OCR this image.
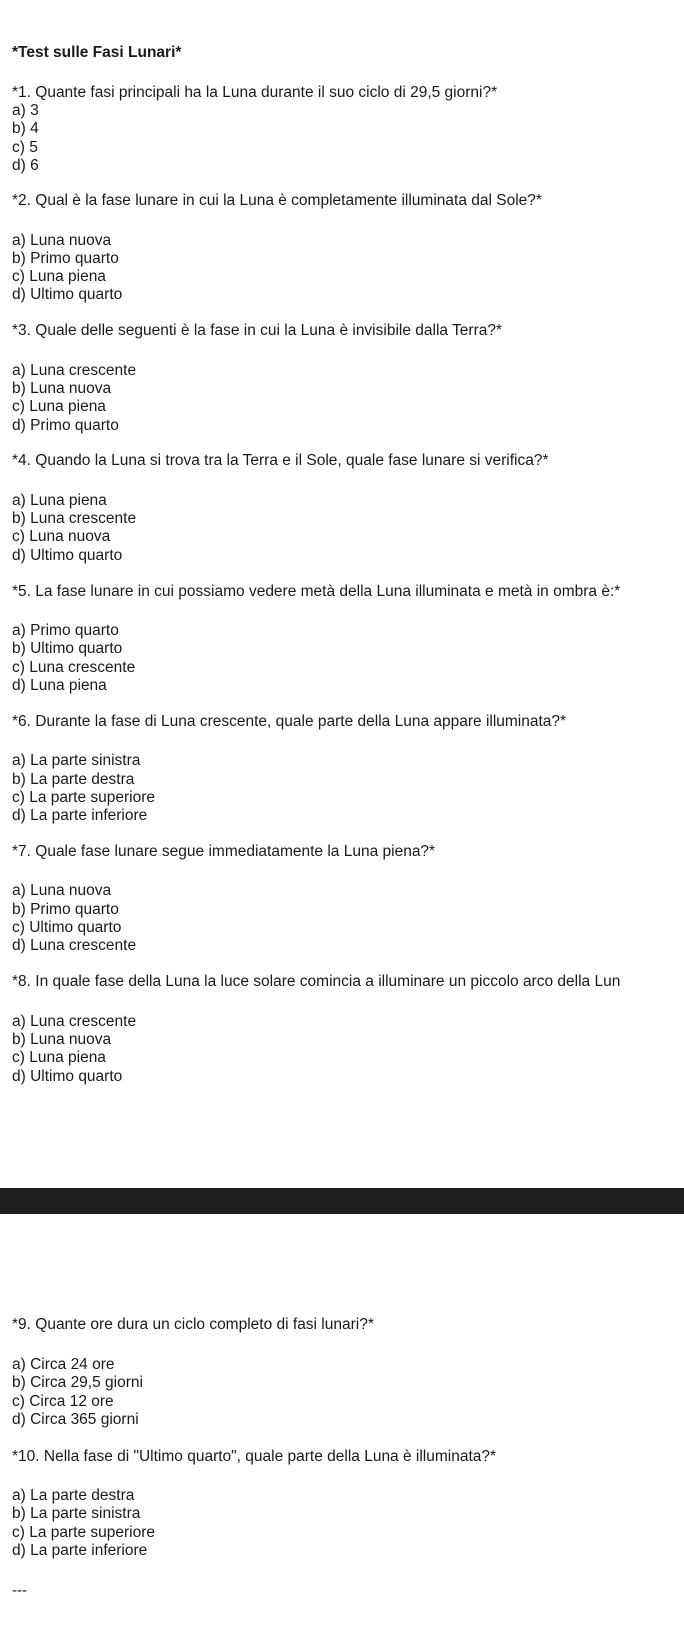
*Test sulle Fasi Lunari*
*1. Quante fasi principali ha la Luna durante il suo ciclo di 29,5 giorni?*
a) 3
b) 4
c) 5
d) 6
*2. Qual è la fase lunare in cui la Luna è completamente illuminata dal Sole?*
a) Luna nuova
b) Primo quarto
c) Luna piena
d) Ultimo quarto
*3. Quale delle seguenti è la fase in cui la Luna è invisibile dalla Terra?*
a) Luna crescente
b) Luna nuova
c) Luna piena
d) Primo quarto
*4. Quando la Luna si trova tra la Terra e il Sole, quale fase lunare si verifica?*
a) Luna piena
b) Luna crescente
c) Luna nuova
d) Ultimo quarto
*5. La fase lunare in cui possiamo vedere metà della Luna illuminata e metà in ombra è:*
a) Primo quarto
b) Ultimo quarto
c) Luna crescente
d) Luna piena
*6. Durante la fase di Luna crescente, quale parte della Luna appare illuminata?*
a) La parte sinistra
b) La parte destra
c) La parte superiore
d) La parte inferiore
*7. Quale fase lunare segue immediatamente la Luna piena?*
a) Luna nuova
b) Primo quarto
c) Ultimo quarto
d) Luna crescente
*8. In quale fase della Luna la luce solare comincia a illuminare un piccolo arco della Lun
a) Luna crescente
b) Luna nuova
c) Luna piena
d) Ultimo quarto
*9. Quante ore dura un ciclo completo di fasi lunari?*
a) Circa 24 ore
b) Circa 29,5 giorni
c) Circa 12 ore
d) Circa 365 giorni
*10. Nella fase di "Ultimo quarto", quale parte della Luna è illuminata?*
a) La parte destra
b) La parte sinistra
c) La parte superiore
d) La parte inferiore
---
